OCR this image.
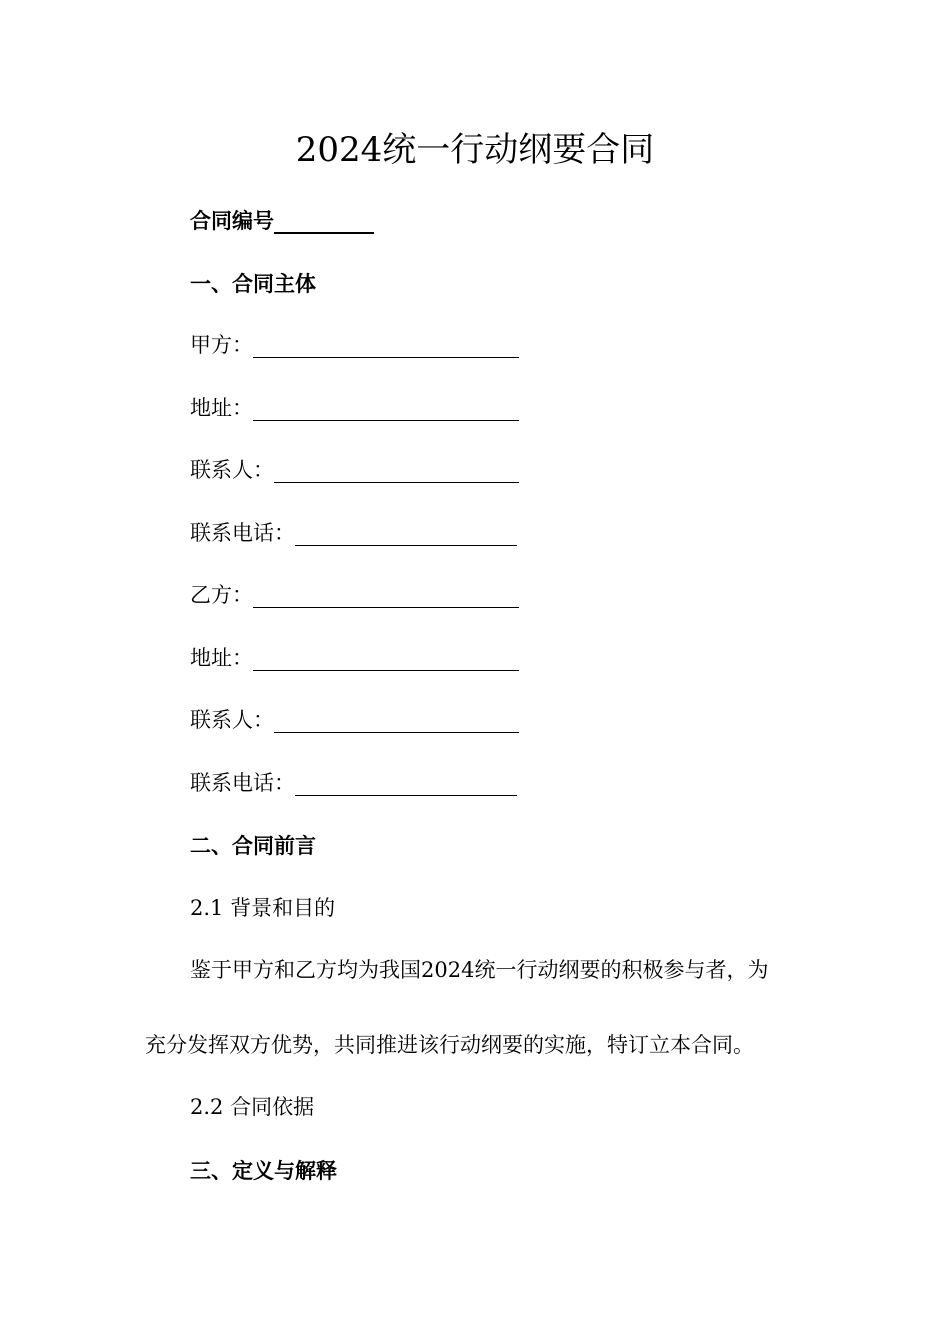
2024统一行动纲要合同
合同编号
一、合同主体
甲方：
地址：
联系人：
联系电话：
乙方：
地址：
联系人：
联系电话：
二、合同前言
2.1 背景和目的
鉴于甲方和乙方均为我国2024统一行动纲要的积极参与者，为
充分发挥双方优势，共同推进该行动纲要的实施，特订立本合同。
2.2 合同依据
三、定义与解释
